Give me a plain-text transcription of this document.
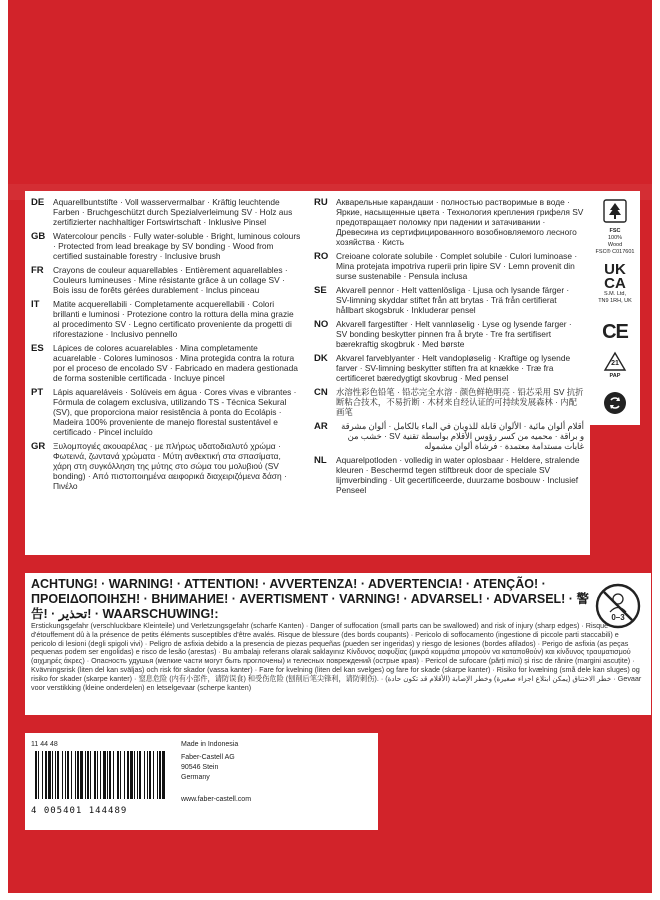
DE	Aquarellbuntstifte · Voll wasservermalbar · Kräftig leuchtende Farben · Bruchgeschützt durch Spezialverleimung SV · Holz aus zertifizierter nachhaltiger Fortswirtschaft · Inklusive Pinsel
GB Watercolour pencils · Fully water-soluble · Bright, luminous colours · Protected from lead breakage by SV bonding · Wood from certified sustainable forestry · Inclusive brush
FR	Crayons de couleur aquarellables · Entièrement aquarellables · Couleurs lumineuses · Mine résistante grâce à un collage SV · Bois issu de forêts gérées durablement · Inclus pinceau
IT	Matite acquerellabili · Completamente acquerellabili · Colori brillanti e luminosi · Protezione contro la rottura della mina grazie al procedimento SV · Legno certificato proveniente da progetti di riforestazione · Inclusivo pennello
ES	Lápices de colores acuarelables · Mina completamente acuarelable · Colores luminosos · Mina protegida contra la rotura por el proceso de encolado SV · Fabricado en madera gestionada de forma sostenible certificada · Incluye pincel
PT	Lápis aquareláveis · Solúveis em água · Cores vivas e vibrantes · Fórmula de colagem exclusiva, utilizando TS - Técnica Sekural (SV), que proporciona maior resistência à ponta do Ecolápis · Madeira 100% proveniente de manejo florestal sustentável e certificado · Pincel incluído
GR Ξυλομπογιές ακουαρέλας · με πλήρως υδατοδιαλυτό χρώμα · Φωτεινά, ζωντανά χρώματα · Μύτη ανθεκτική στα σπασίματα, χάρη στη συγκόλληση της μύτης στο σώμα του μολυβιού (SV bonding) · Από πιστοποιημένα αειφορικά διαχειριζόμενα δάση · Πινέλο
RU Акварельные карандаши · полностью растворимые в воде · Яркие, насыщенные цвета · Технология крепления грифеля SV предотвращает поломку при падении и затачивании · Древесина из сертифицированного возобновляемого лесного хозяйства · Кисть
RO Creioane colorate solubile · Complet solubile · Culori luminoase · Mina protejata impotriva ruperii prin lipire SV · Lemn provenit din surse sustenabile · Pensula inclusa
SE	Akvarell pennor · Helt vattenlösliga · Ljusa och lysande färger · SV-limning skyddar stiftet från att brytas · Trä från certifierat hållbart skogsbruk · Inkluderar pensel
NO Akvarell fargestifter · Helt vannløselig · Lyse og lysende farger · SV bonding beskytter pinnen fra å bryte · Tre fra sertifisert bærekraftig skogbruk · Med børste
DK Akvarel farveblyanter · Helt vandopløselig · Kraftige og lysende farver · SV-limning beskytter stiften fra at knække · Træ fra certificeret bæredygtigt skovbrug · Med pensel
CN 水溶性彩色铅笔 · 铅芯完全水溶 · 颜色鲜艳明亮 · 铅芯采用 SV 抗折断粘合技术，不易折断 · 木材来自经认证的可持续发展森林 · 内配画笔
AR	أقلام ألوان مائية · الألوان قابلة للذوبان في الماء بالكامل · ألوان مشرقة و براقة · محميه من كسر رؤوس الأقلام بواسطة تقنية SV · خشب من غابات مستدامة معتمدة · فرشاة ألوان مشموله
NL	Aquarelpotloden · volledig in water oplosbaar · Heldere, stralende kleuren · Beschermd tegen stiftbreuk door de speciale SV lijmverbinding · Uit gecertificeerde, duurzame bosbouw · Inclusief Penseel
FSC
100%
Wood
FSC® C017601
UK
CA
S.M. Ltd,
TN9 1RH, UK
CE
21
PAP
ACHTUNG! · WARNING! · ATTENTION! · AVVERTENZA! · ADVERTENCIA! · ATENÇÃO! · ΠΡΟΕΙΔΟΠΟΙΗΣΗ! · ВНИМАНИЕ! · AVERTISMENT · VARNING! · ADVARSEL! · ADVARSEL! · 警告! · تحذير! · WAARSCHUWING!:	0–3
Erstickungsgefahr (verschluckbare Kleinteile) und Verletzungsgefahr (scharfe Kanten) · Danger of suffocation (small parts can be swallowed) and risk of injury (sharp edges) · Risque d'étouffement dû à la présence de petits éléments susceptibles d'être avalés. Risque de blessure (des bords coupants) · Pericolo di soffocamento (ingestione di piccole parti staccabili) e pericolo di lesioni (degli spigoli vivi) · Peligro de asfixia debido a la presencia de piezas pequeñas (pueden ser ingeridas) y riesgo de lesiones (bordes afilados) · Perigo de asfixia (as peças pequenas podem ser engolidas) e risco de lesão (arestas) · Bu ambalajı referans olarak saklayınız Κίνδυνος ασφυξίας (μικρά κομμάτια μπορούν να καταποθούν) και κίνδυνος τραυματισμού (αιχμηρές άκρες) · Опасность удушья (мелкие части могут быть проглочены) и телесных повреждений (острые края) · Pericol de sufocare (părți mici) și risc de rănire (margini ascuțite) · Kvävningsrisk (liten del kan sväljas) och risk för skador (vassa kanter) · Fare for kvelning (liten del kan svelges) og fare for skade (skarpe kanter) · Risiko for kvælning (små dele kan sluges) og risiko for skader (skarpe kanter) · 窒息危险 (内有小部件，请防误食) 和受伤危险 (刨削后笔尖锋利，请防刺伤). · خطر الاختناق (يمكن ابتلاع اجزاء صغيرة) وخطر الإصابة (الأقلام قد تكون حادة) · Gevaar voor verstikking (kleine onderdelen) en letselgevaar (scherpe kanten)
11 44 48
4 005401 144489
Made in Indonesia
Faber-Castell AG
90546 Stein
Germany
www.faber-castell.com
